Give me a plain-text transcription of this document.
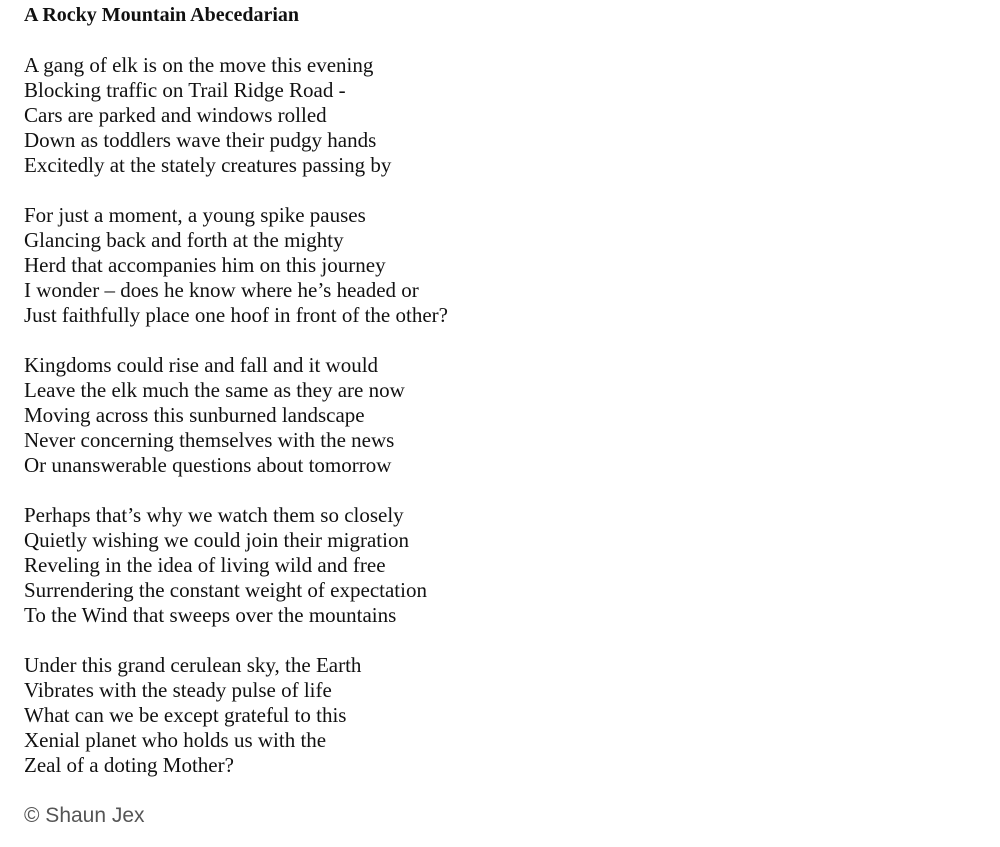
A Rocky Mountain Abecedarian
A gang of elk is on the move this evening
Blocking traffic on Trail Ridge Road -
Cars are parked and windows rolled
Down as toddlers wave their pudgy hands
Excitedly at the stately creatures passing by
For just a moment, a young spike pauses
Glancing back and forth at the mighty
Herd that accompanies him on this journey
I wonder – does he know where he’s headed or
Just faithfully place one hoof in front of the other?
Kingdoms could rise and fall and it would
Leave the elk much the same as they are now
Moving across this sunburned landscape
Never concerning themselves with the news
Or unanswerable questions about tomorrow
Perhaps that’s why we watch them so closely
Quietly wishing we could join their migration
Reveling in the idea of living wild and free
Surrendering the constant weight of expectation
To the Wind that sweeps over the mountains
Under this grand cerulean sky, the Earth
Vibrates with the steady pulse of life
What can we be except grateful to this
Xenial planet who holds us with the
Zeal of a doting Mother?
© Shaun Jex
